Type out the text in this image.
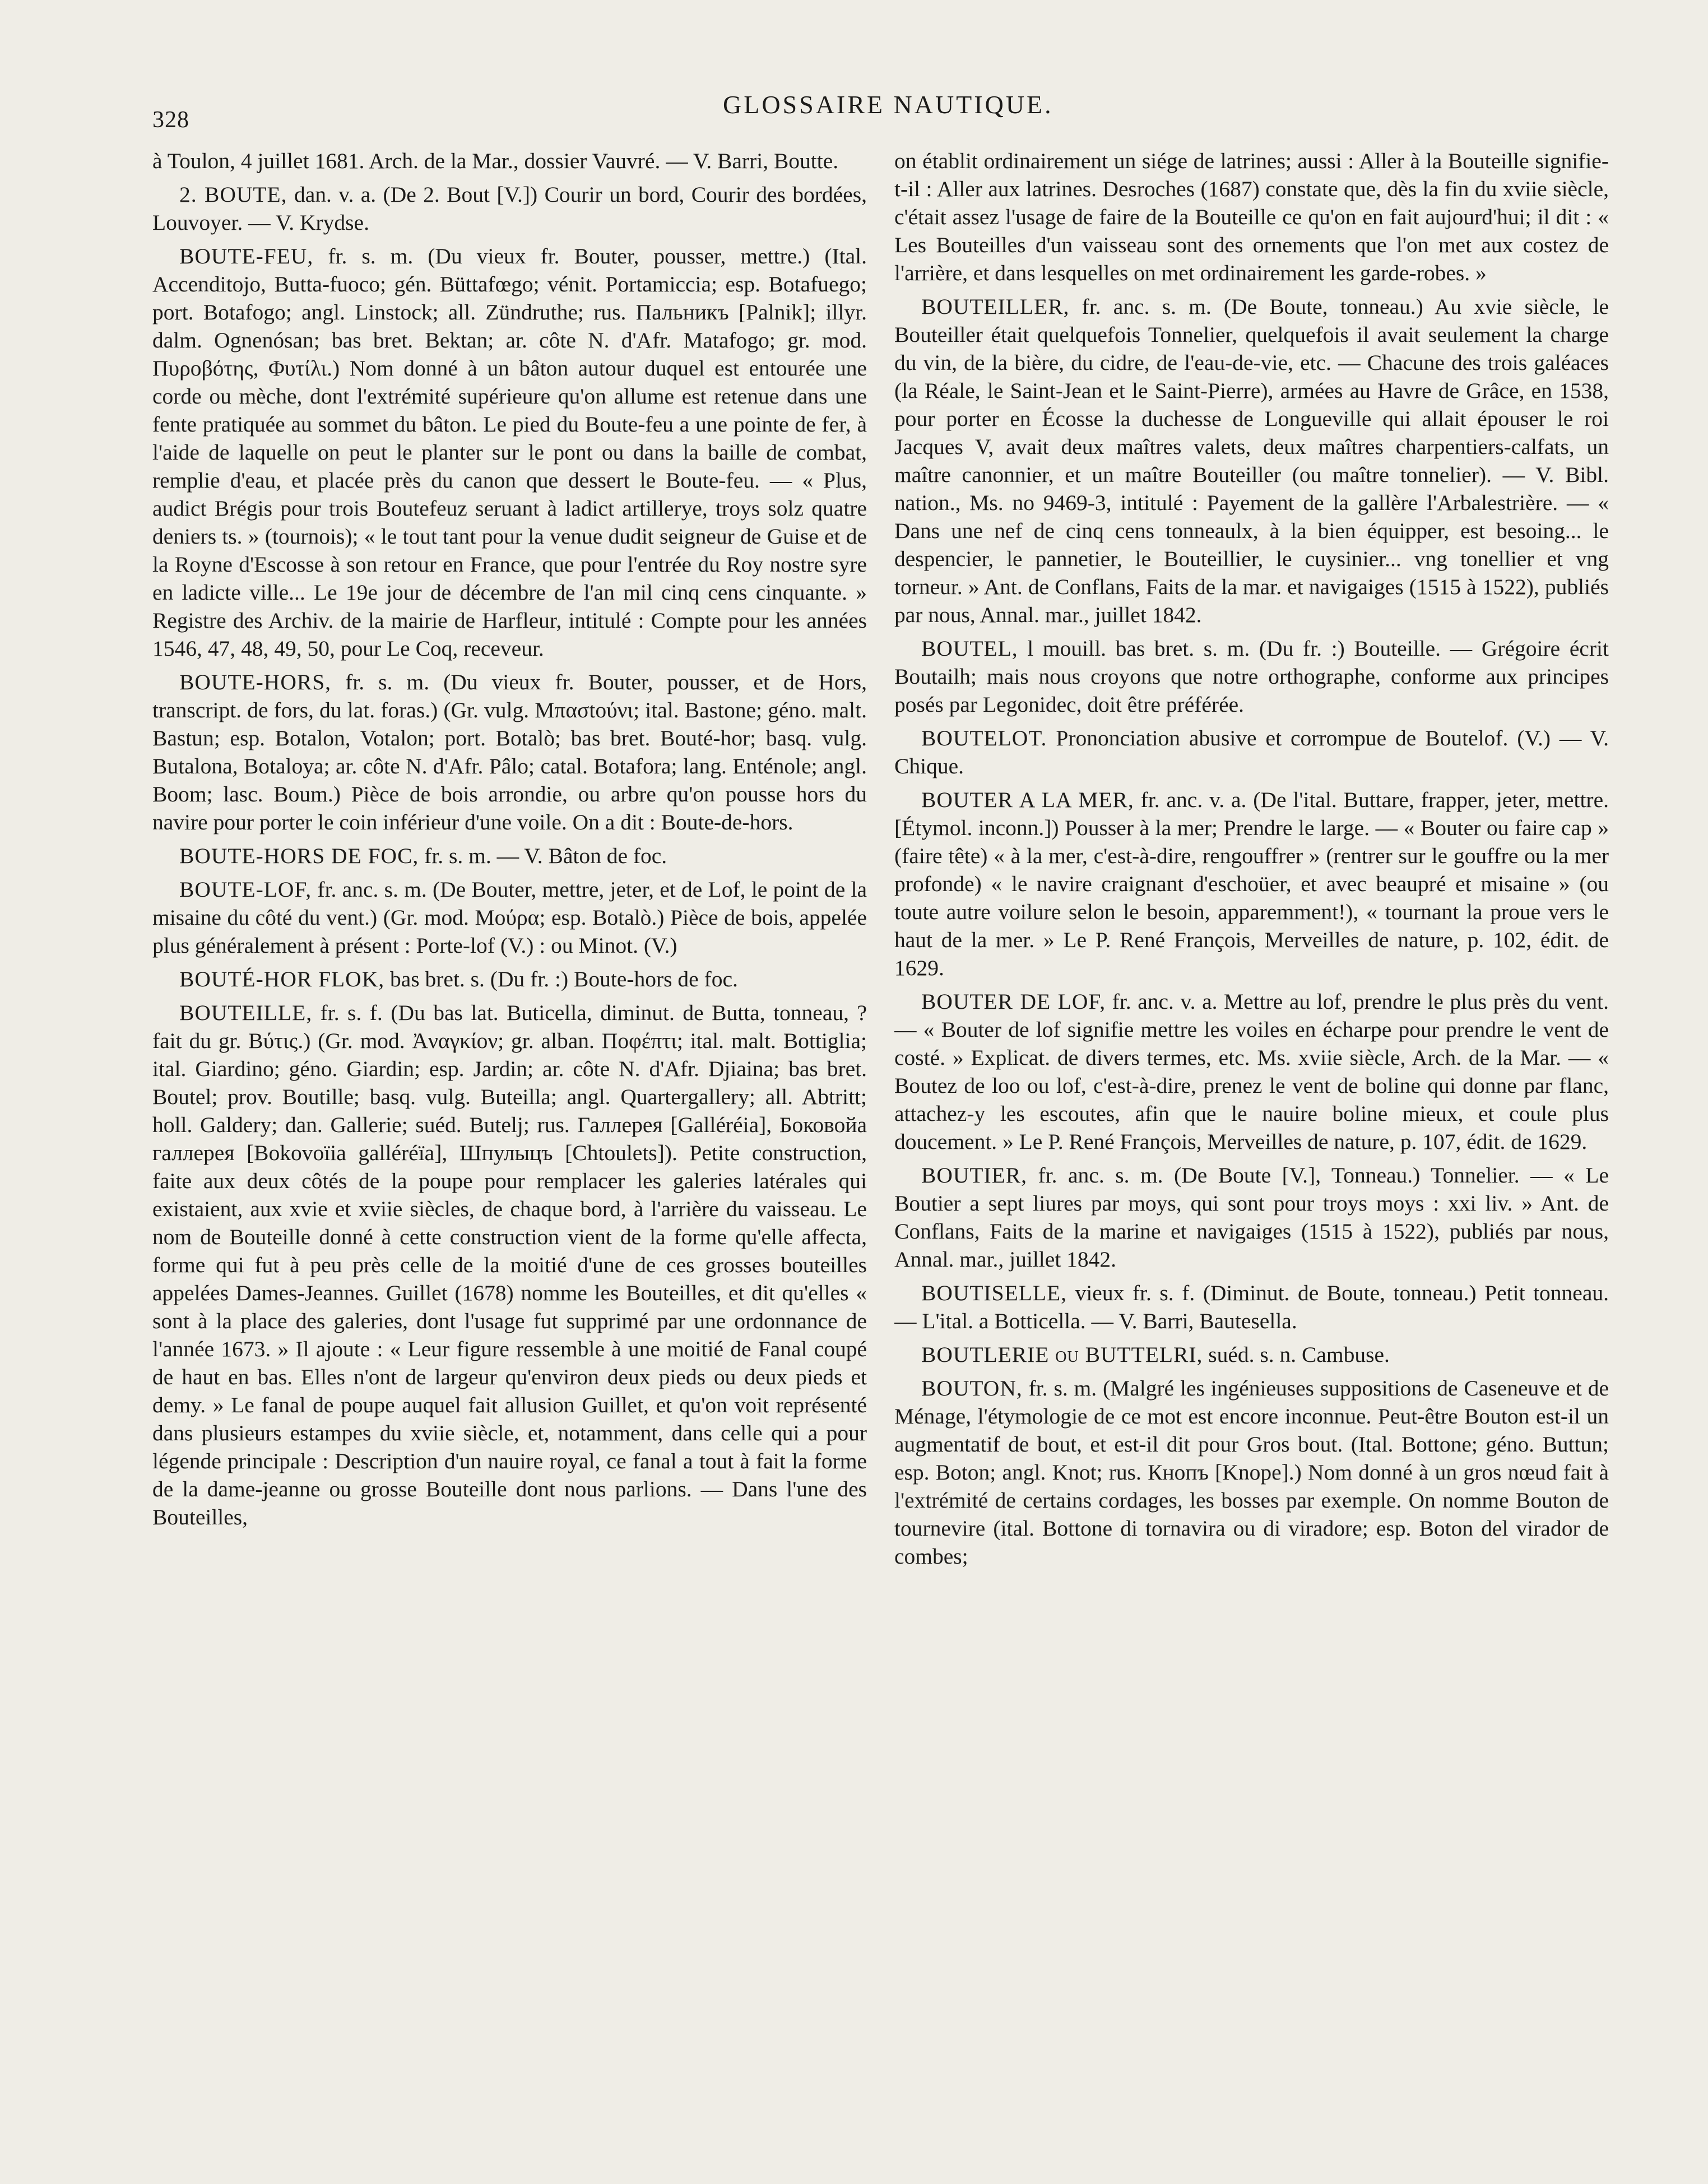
328
GLOSSAIRE NAUTIQUE.

à Toulon, 4 juillet 1681. Arch. de la Mar., dossier Vauvré. — V. Barri, Boutte.

2. BOUTE, dan. v. a. (De 2. Bout [V.]) Courir un bord, Courir des bordées, Louvoyer. — V. Krydse.

BOUTE-FEU, fr. s. m. (Du vieux fr. Bouter, pousser, mettre.) (Ital. Accenditojo, Butta-fuoco; gén. Büttafœgo; vénit. Portamiccia; esp. Botafuego; port. Botafogo; angl. Linstock; all. Zündruthe; rus. Пальникъ [Palnik]; illyr. dalm. Ognenósan; bas bret. Bektan; ar. côte N. d'Afr. Matafogo; gr. mod. Πυροβότης, Φυτίλι.) Nom donné à un bâton autour duquel est entourée une corde ou mèche, dont l'extrémité supérieure qu'on allume est retenue dans une fente pratiquée au sommet du bâton. Le pied du Boute-feu a une pointe de fer, à l'aide de laquelle on peut le planter sur le pont ou dans la baille de combat, remplie d'eau, et placée près du canon que dessert le Boute-feu. — « Plus, audict Brégis pour trois Boutefeuz seruant à ladict artillerye, troys solz quatre deniers ts. » (tournois); « le tout tant pour la venue dudit seigneur de Guise et de la Royne d'Escosse à son retour en France, que pour l'entrée du Roy nostre syre en ladicte ville... Le 19e jour de décembre de l'an mil cinq cens cinquante. » Registre des Archiv. de la mairie de Harfleur, intitulé : Compte pour les années 1546, 47, 48, 49, 50, pour Le Coq, receveur.

BOUTE-HORS, fr. s. m. (Du vieux fr. Bouter, pousser, et de Hors, transcript. de fors, du lat. foras.) (Gr. vulg. Μπασtoύνι; ital. Bastone; géno. malt. Bastun; esp. Botalon, Votalon; port. Botalò; bas bret. Bouté-hor; basq. vulg. Butalona, Botaloya; ar. côte N. d'Afr. Pâlo; catal. Botafora; lang. Enténole; angl. Boom; lasc. Boum.) Pièce de bois arrondie, ou arbre qu'on pousse hors du navire pour porter le coin inférieur d'une voile. On a dit : Boute-de-hors.

BOUTE-HORS DE FOC, fr. s. m. — V. Bâton de foc.

BOUTE-LOF, fr. anc. s. m. (De Bouter, mettre, jeter, et de Lof, le point de la misaine du côté du vent.) (Gr. mod. Μούρα; esp. Botalò.) Pièce de bois, appelée plus généralement à présent : Porte-lof (V.) : ou Minot. (V.)

BOUTÉ-HOR FLOK, bas bret. s. (Du fr. :) Boute-hors de foc.

BOUTEILLE, fr. s. f. (Du bas lat. Buticella, diminut. de Butta, tonneau, ? fait du gr. Βύτις.) (Gr. mod. Ἀναγκίον; gr. alban. Ποφέπτι; ital. malt. Bottiglia; ital. Giardino; géno. Giardin; esp. Jardin; ar. côte N. d'Afr. Djiaina; bas bret. Boutel; prov. Boutille; basq. vulg. Buteilla; angl. Quartergallery; all. Abtritt; holl. Galdery; dan. Gallerie; suéd. Butelj; rus. Галлерея [Galléréia], Боковойа галлерея [Bokovoïia galléréïa], Шпулыцъ [Chtoulets]). Petite construction, faite aux deux côtés de la poupe pour remplacer les galeries latérales qui existaient, aux xvie et xviie siècles, de chaque bord, à l'arrière du vaisseau. Le nom de Bouteille donné à cette construction vient de la forme qu'elle affecta, forme qui fut à peu près celle de la moitié d'une de ces grosses bouteilles appelées Dames-Jeannes. Guillet (1678) nomme les Bouteilles, et dit qu'elles « sont à la place des galeries, dont l'usage fut supprimé par une ordonnance de l'année 1673. » Il ajoute : « Leur figure ressemble à une moitié de Fanal coupé de haut en bas. Elles n'ont de largeur qu'environ deux pieds ou deux pieds et demy. » Le fanal de poupe auquel fait allusion Guillet, et qu'on voit représenté dans plusieurs estampes du xviie siècle, et, notamment, dans celle qui a pour légende principale : Description d'un nauire royal, ce fanal a tout à fait la forme de la dame-jeanne ou grosse Bouteille dont nous parlions. — Dans l'une des Bouteilles,

on établit ordinairement un siége de latrines; aussi : Aller à la Bouteille signifie-t-il : Aller aux latrines. Desroches (1687) constate que, dès la fin du xviie siècle, c'était assez l'usage de faire de la Bouteille ce qu'on en fait aujourd'hui; il dit : « Les Bouteilles d'un vaisseau sont des ornements que l'on met aux costez de l'arrière, et dans lesquelles on met ordinairement les garde-robes. »

BOUTEILLER, fr. anc. s. m. (De Boute, tonneau.) Au xvie siècle, le Bouteiller était quelquefois Tonnelier, quelquefois il avait seulement la charge du vin, de la bière, du cidre, de l'eau-de-vie, etc. — Chacune des trois galéaces (la Réale, le Saint-Jean et le Saint-Pierre), armées au Havre de Grâce, en 1538, pour porter en Écosse la duchesse de Longueville qui allait épouser le roi Jacques V, avait deux maîtres valets, deux maîtres charpentiers-calfats, un maître canonnier, et un maître Bouteiller (ou maître tonnelier). — V. Bibl. nation., Ms. no 9469-3, intitulé : Payement de la gallère l'Arbalestrière. — « Dans une nef de cinq cens tonneaulx, à la bien équipper, est besoing... le despencier, le pannetier, le Bouteillier, le cuysinier... vng tonellier et vng torneur. » Ant. de Conflans, Faits de la mar. et navigaiges (1515 à 1522), publiés par nous, Annal. mar., juillet 1842.

BOUTEL, l mouill. bas bret. s. m. (Du fr. :) Bouteille. — Grégoire écrit Boutailh; mais nous croyons que notre orthographe, conforme aux principes posés par Legonidec, doit être préférée.

BOUTELOT. Prononciation abusive et corrompue de Boutelof. (V.) — V. Chique.

BOUTER A LA MER, fr. anc. v. a. (De l'ital. Buttare, frapper, jeter, mettre. [Étymol. inconn.]) Pousser à la mer; Prendre le large. — « Bouter ou faire cap » (faire tête) « à la mer, c'est-à-dire, rengouffrer » (rentrer sur le gouffre ou la mer profonde) « le navire craignant d'eschoüer, et avec beaupré et misaine » (ou toute autre voilure selon le besoin, apparemment!), « tournant la proue vers le haut de la mer. » Le P. René François, Merveilles de nature, p. 102, édit. de 1629.

BOUTER DE LOF, fr. anc. v. a. Mettre au lof, prendre le plus près du vent. — « Bouter de lof signifie mettre les voiles en écharpe pour prendre le vent de costé. » Explicat. de divers termes, etc. Ms. xviie siècle, Arch. de la Mar. — « Boutez de loo ou lof, c'est-à-dire, prenez le vent de boline qui donne par flanc, attachez-y les escoutes, afin que le nauire boline mieux, et coule plus doucement. » Le P. René François, Merveilles de nature, p. 107, édit. de 1629.

BOUTIER, fr. anc. s. m. (De Boute [V.], Tonneau.) Tonnelier. — « Le Boutier a sept liures par moys, qui sont pour troys moys : xxi liv. » Ant. de Conflans, Faits de la marine et navigaiges (1515 à 1522), publiés par nous, Annal. mar., juillet 1842.

BOUTISELLE, vieux fr. s. f. (Diminut. de Boute, tonneau.) Petit tonneau. — L'ital. a Botticella. — V. Barri, Bautesella.

BOUTLERIE ou BUTTELRI, suéd. s. n. Cambuse.

BOUTON, fr. s. m. (Malgré les ingénieuses suppositions de Caseneuve et de Ménage, l'étymologie de ce mot est encore inconnue. Peut-être Bouton est-il un augmentatif de bout, et est-il dit pour Gros bout. (Ital. Bottone; géno. Buttun; esp. Boton; angl. Knot; rus. Кнопъ [Knope].) Nom donné à un gros nœud fait à l'extrémité de certains cordages, les bosses par exemple. On nomme Bouton de tournevire (ital. Bottone di tornavira ou di viradore; esp. Boton del virador de combes;
